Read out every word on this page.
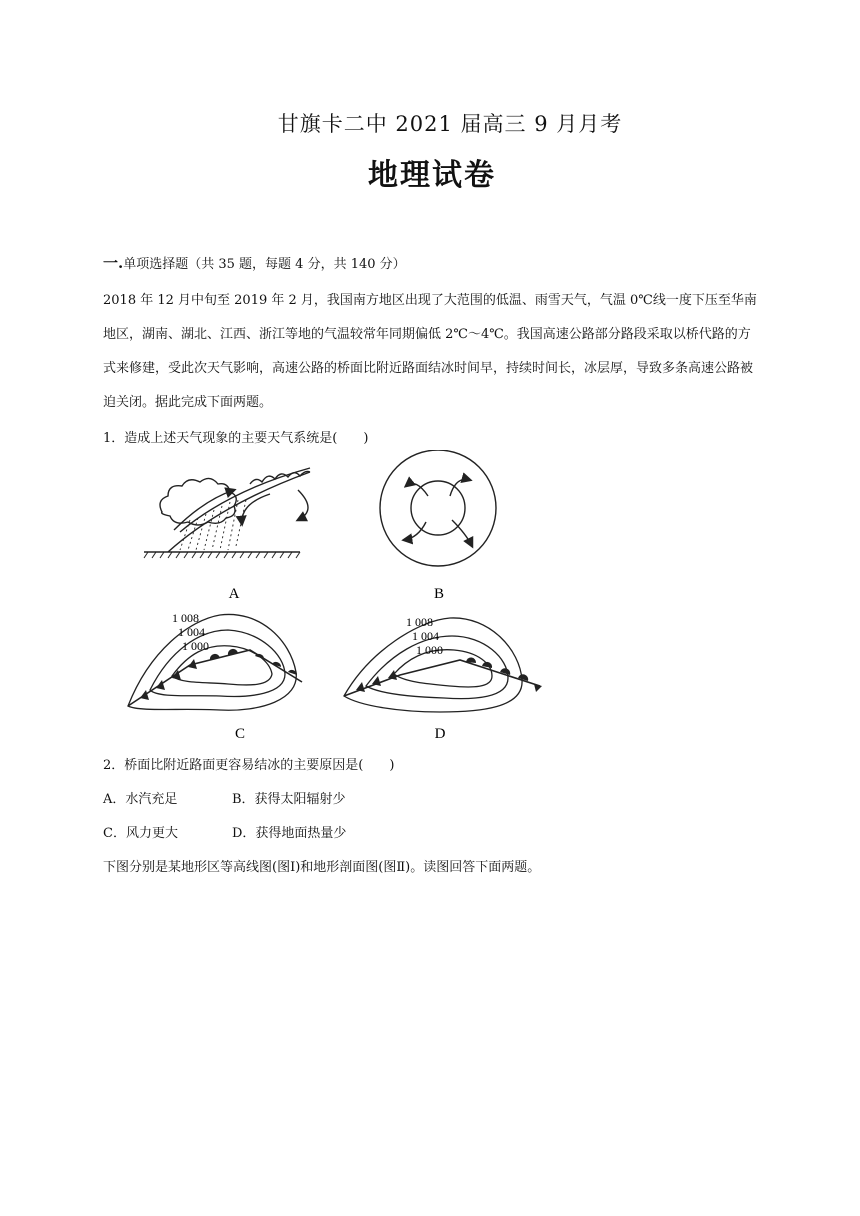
甘旗卡二中 2021 届高三 9 月月考
地理试卷
一.单项选择题（共 35 题，每题 4 分，共 140 分）
2018 年 12 月中旬至 2019 年 2 月，我国南方地区出现了大范围的低温、雨雪天气，气温 0℃线一度下压至华南地区，湖南、湖北、江西、浙江等地的气温较常年同期偏低 2℃～4℃。我国高速公路部分路段采取以桥代路的方式来修建，受此次天气影响，高速公路的桥面比附近路面结冰时间早，持续时间长，冰层厚，导致多条高速公路被迫关闭。据此完成下面两题。
1．造成上述天气现象的主要天气系统是(　　)
A	B
1 008
1 004
1 000
C
1 008
1 004
1 000
D
2．桥面比附近路面更容易结冰的主要原因是(　　)
A．水汽充足	B．获得太阳辐射少
C．风力更大	D．获得地面热量少
下图分别是某地形区等高线图(图Ⅰ)和地形剖面图(图Ⅱ)。读图回答下面两题。
